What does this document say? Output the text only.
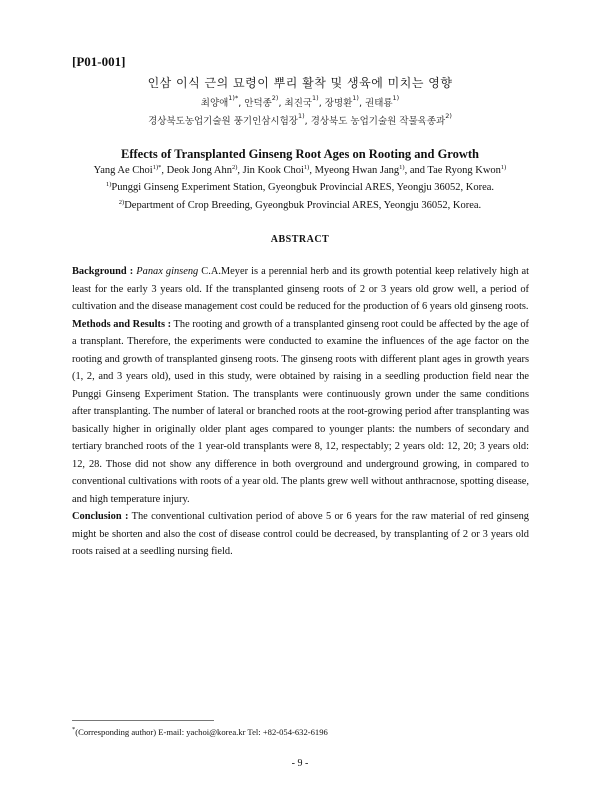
[P01-001]
인삼 이식 근의 묘령이 뿌리 활착 및 생육에 미치는 영향
최양애$^{1)*}$, 안덕종$^{2)}$, 최진국$^{1)}$, 장명환$^{1)}$, 권태룡$^{1)}$
경상북도농업기술원 풍기인삼시험장$^{1)}$, 경상북도 농업기술원 작물육종과$^{2)}$
Effects of Transplanted Ginseng Root Ages on Rooting and Growth
Yang Ae Choi$^{1)*}$, Deok Jong Ahn$^{2)}$, Jin Kook Choi$^{1)}$, Myeong Hwan Jang$^{1)}$, and Tae Ryong Kwon$^{1)}$
$^{1)}$Punggi Ginseng Experiment Station, Gyeongbuk Provincial ARES, Yeongju 36052, Korea.
$^{2)}$Department of Crop Breeding, Gyeongbuk Provincial ARES, Yeongju 36052, Korea.
ABSTRACT

Background : Panax ginseng C.A.Meyer is a perennial herb and its growth potential keep relatively high at least for the early 3 years old. If the transplanted ginseng roots of 2 or 3 years old grow well, a period of cultivation and the disease management cost could be reduced for the production of 6 years old ginseng roots.

Methods and Results : The rooting and growth of a transplanted ginseng root could be affected by the age of a transplant. Therefore, the experiments were conducted to examine the influences of the age factor on the rooting and growth of transplanted ginseng roots. The ginseng roots with different plant ages in growth years (1, 2, and 3 years old), used in this study, were obtained by raising in a seedling production field near the Punggi Ginseng Experiment Station. The transplants were continuously grown under the same conditions after transplanting. The number of lateral or branched roots at the root-growing period after transplanting was basically higher in originally older plant ages compared to younger plants: the numbers of secondary and tertiary branched roots of the 1 year-old transplants were 8, 12, respectably; 2 years old: 12, 20; 3 years old: 12, 28. Those did not show any difference in both overground and underground growing, in compared to conventional cultivations with roots of a year old. The plants grew well without anthracnose, spotting disease, and high temperature injury.

Conclusion : The conventional cultivation period of above 5 or 6 years for the raw material of red ginseng might be shorten and also the cost of disease control could be decreased, by transplanting of 2 or 3 years old roots raised at a seedling nursing field.

*(Corresponding author) E-mail: yachoi@korea.kr Tel: +82-054-632-6196
- 9 -
